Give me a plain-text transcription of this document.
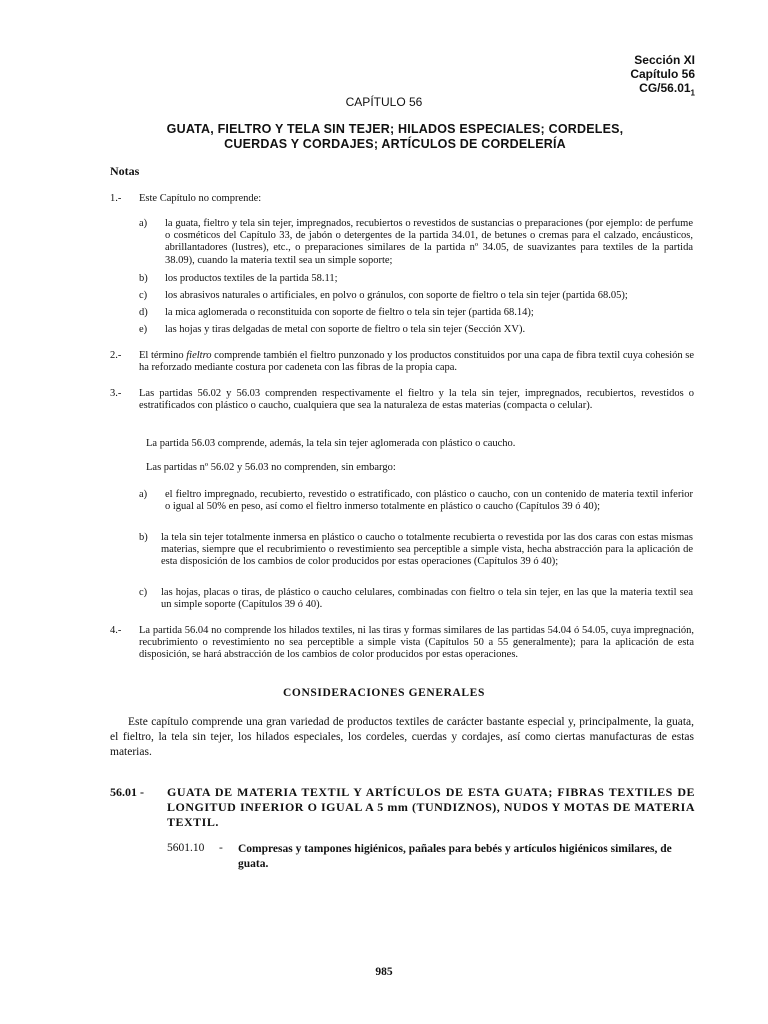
Sección XI
Capítulo 56
$CG/56.01_1$
CAPÍTULO 56
GUATA, FIELTRO Y TELA SIN TEJER; HILADOS ESPECIALES; CORDELES,
CUERDAS Y CORDAJES; ARTÍCULOS DE CORDELERÍA
Notas
1.- Este Capítulo no comprende:
a) la guata, fieltro y tela sin tejer, impregnados, recubiertos o revestidos de sustancias o preparaciones (por ejemplo: de perfume o cosméticos del Capítulo 33, de jabón o detergentes de la partida 34.01, de betunes o cremas para el calzado, encáusticos, abrillantadores (lustres), etc., o preparaciones similares de la partida nº 34.05, de suavizantes para textiles de la partida 38.09), cuando la materia textil sea un simple soporte;
b) los productos textiles de la partida 58.11;
c) los abrasivos naturales o artificiales, en polvo o gránulos, con soporte de fieltro o tela sin tejer (partida 68.05);
d) la mica aglomerada o reconstituida con soporte de fieltro o tela sin tejer (partida 68.14);
e) las hojas y tiras delgadas de metal con soporte de fieltro o tela sin tejer (Sección XV).
2.- El término fieltro comprende también el fieltro punzonado y los productos constituidos por una capa de fibra textil cuya cohesión se ha reforzado mediante costura por cadeneta con las fibras de la propia capa.
3.- Las partidas 56.02 y 56.03 comprenden respectivamente el fieltro y la tela sin tejer, impregnados, recubiertos, revestidos o estratificados con plástico o caucho, cualquiera que sea la naturaleza de estas materias (compacta o celular).
La partida 56.03 comprende, además, la tela sin tejer aglomerada con plástico o caucho.
Las partidas nº 56.02 y 56.03 no comprenden, sin embargo:
a) el fieltro impregnado, recubierto, revestido o estratificado, con plástico o caucho, con un contenido de materia textil inferior o igual al 50% en peso, así como el fieltro inmerso totalmente en plástico o caucho (Capítulos 39 ó 40);
b) la tela sin tejer totalmente inmersa en plástico o caucho o totalmente recubierta o revestida por las dos caras con estas mismas materias, siempre que el recubrimiento o revestimiento sea perceptible a simple vista, hecha abstracción para la aplicación de esta disposición de los cambios de color producidos por estas operaciones (Capítulos 39 ó 40);
c) las hojas, placas o tiras, de plástico o caucho celulares, combinadas con fieltro o tela sin tejer, en las que la materia textil sea un simple soporte (Capítulos 39 ó 40).
4.- La partida 56.04 no comprende los hilados textiles, ni las tiras y formas similares de las partidas 54.04 ó 54.05, cuya impregnación, recubrimiento o revestimiento no sea perceptible a simple vista (Capítulos 50 a 55 generalmente); para la aplicación de esta disposición, se hará abstracción de los cambios de color producidos por estas operaciones.
CONSIDERACIONES GENERALES
Este capítulo comprende una gran variedad de productos textiles de carácter bastante especial y, principalmente, la guata, el fieltro, la tela sin tejer, los hilados especiales, los cordeles, cuerdas y cordajes, así como ciertas manufacturas de estas materias.
56.01 - GUATA DE MATERIA TEXTIL Y ARTÍCULOS DE ESTA GUATA; FIBRAS TEXTILES DE LONGITUD INFERIOR O IGUAL A 5 mm (TUNDIZNOS), NUDOS Y MOTAS DE MATERIA TEXTIL.
5601.10 - Compresas y tampones higiénicos, pañales para bebés y artículos higiénicos similares, de guata.
985
